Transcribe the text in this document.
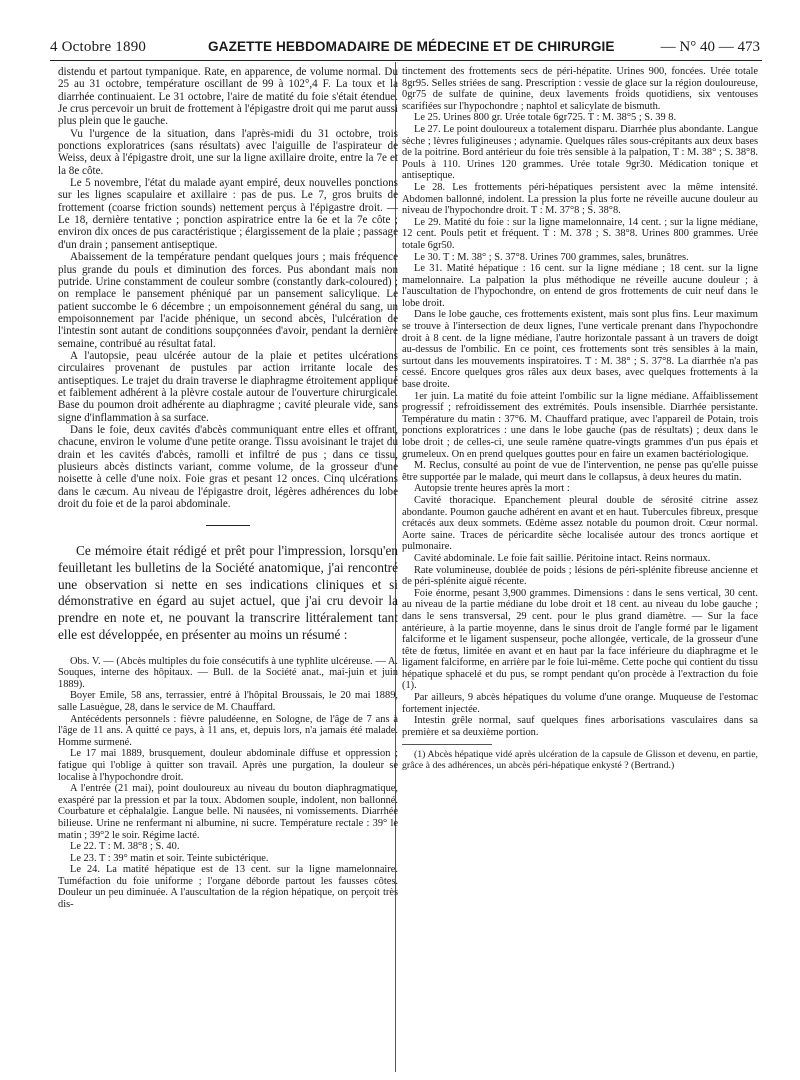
4 Octobre 1890	GAZETTE HEBDOMADAIRE DE MÉDECINE ET DE CHIRURGIE	— N° 40 — 473

distendu et partout tympanique. Rate, en apparence, de volume normal. Du 25 au 31 octobre, température oscillant de 99 à 102°,4 F. La toux et la diarrhée continuaient. Le 31 octobre, l'aire de matité du foie s'était étendue. Je crus percevoir un bruit de frottement à l'épigastre droit qui me parut aussi plus plein que le gauche.

Vu l'urgence de la situation, dans l'après-midi du 31 octobre, trois ponctions exploratrices (sans résultats) avec l'aiguille de l'aspirateur de Weiss, deux à l'épigastre droit, une sur la ligne axillaire droite, entre la 7e et la 8e côte.

Le 5 novembre, l'état du malade ayant empiré, deux nouvelles ponctions sur les lignes scapulaire et axillaire : pas de pus. Le 7, gros bruits de frottement (coarse friction sounds) nettement perçus à l'épigastre droit. — Le 18, dernière tentative ; ponction aspiratrice entre la 6e et la 7e côte ; environ dix onces de pus caractéristique ; élargissement de la plaie ; passage d'un drain ; pansement antiseptique.

Abaissement de la température pendant quelques jours ; mais fréquence plus grande du pouls et diminution des forces. Pus abondant mais non putride. Urine constamment de couleur sombre (constantly dark-coloured) ; on remplace le pansement phéniqué par un pansement salicylique. Le patient succombe le 6 décembre ; un empoisonnement général du sang, un empoisonnement par l'acide phénique, un second abcès, l'ulcération de l'intestin sont autant de conditions soupçonnées d'avoir, pendant la dernière semaine, contribué au résultat fatal.

A l'autopsie, peau ulcérée autour de la plaie et petites ulcérations circulaires provenant de pustules par action irritante locale des antiseptiques. Le trajet du drain traverse le diaphragme étroitement appliqué et faiblement adhérent à la plèvre costale autour de l'ouverture chirurgicale. Base du poumon droit adhérente au diaphragme ; cavité pleurale vide, sans signe d'inflammation à sa surface.

Dans le foie, deux cavités d'abcès communiquant entre elles et offrant, chacune, environ le volume d'une petite orange. Tissu avoisinant le trajet du drain et les cavités d'abcès, ramolli et infiltré de pus ; dans ce tissu, plusieurs abcès distincts variant, comme volume, de la grosseur d'une noisette à celle d'une noix. Foie gras et pesant 12 onces. Cinq ulcérations dans le cæcum. Au niveau de l'épigastre droit, légères adhérences du lobe droit du foie et de la paroi abdominale.

Ce mémoire était rédigé et prêt pour l'impression, lorsqu'en feuilletant les bulletins de la Société anatomique, j'ai rencontré une observation si nette en ses indications cliniques et si démonstrative en égard au sujet actuel, que j'ai cru devoir la prendre en note et, ne pouvant la transcrire littéralement tant elle est développée, en présenter au moins un résumé :

Obs. V. — (Abcès multiples du foie consécutifs à une typhlite ulcéreuse. — A. Souques, interne des hôpitaux. — Bull. de la Société anat., mai-juin et juin 1889).

Boyer Emile, 58 ans, terrassier, entré à l'hôpital Broussais, le 20 mai 1889, salle Lasuègue, 28, dans le service de M. Chauffard.

Antécédents personnels : fièvre paludéenne, en Sologne, de l'âge de 7 ans à l'âge de 11 ans. A quitté ce pays, à 11 ans, et, depuis lors, n'a jamais été malade. Homme surmené.

Le 17 mai 1889, brusquement, douleur abdominale diffuse et oppression ; fatigue qui l'oblige à quitter son travail. Après une purgation, la douleur se localise à l'hypochondre droit.

A l'entrée (21 mai), point douloureux au niveau du bouton diaphragmatique, exaspéré par la pression et par la toux. Abdomen souple, indolent, non ballonné. Courbature et céphalalgie. Langue belle. Ni nausées, ni vomissements. Diarrhée bilieuse. Urine ne renfermant ni albumine, ni sucre. Température rectale : 39° le matin ; 39°2 le soir. Régime lacté.

Le 22. T : M. 38°8 ; S. 40.

Le 23. T : 39° matin et soir. Teinte subictérique.

Le 24. La matité hépatique est de 13 cent. sur la ligne mamelonnaire. Tuméfaction du foie uniforme ; l'organe déborde partout les fausses côtes. Douleur un peu diminuée. A l'auscultation de la région hépatique, on perçoit très dis-

tinctement des frottements secs de péri-hépatite. Urines 900, foncées. Urée totale 8gr95. Selles striées de sang. Prescription : vessie de glace sur la région douloureuse, 0gr75 de sulfate de quinine, deux lavements froids quotidiens, six ventouses scarifiées sur l'hypochondre ; naphtol et salicylate de bismuth.

Le 25. Urines 800 gr. Urée totale 6gr725. T : M. 38°5 ; S. 39 8.

Le 27. Le point douloureux a totalement disparu. Diarrhée plus abondante. Langue sèche ; lèvres fuligineuses ; adynamie. Quelques râles sous-crépitants aux deux bases de la poitrine. Bord antérieur du foie très sensible à la palpation, T : M. 38° ; S. 38°8. Pouls à 110. Urines 120 grammes. Urée totale 9gr30. Médication tonique et antiseptique.

Le 28. Les frottements péri-hépatiques persistent avec la même intensité. Abdomen ballonné, indolent. La pression la plus forte ne réveille aucune douleur au niveau de l'hypochondre droit. T : M. 37°8 ; S. 38°8.

Le 29. Matité du foie : sur la ligne mamelonnaire, 14 cent. ; sur la ligne médiane, 12 cent. Pouls petit et fréquent. T : M. 378 ; S. 38°8. Urines 800 grammes. Urée totale 6gr50.

Le 30. T : M. 38° ; S. 37°8. Urines 700 grammes, sales, brunâtres.

Le 31. Matité hépatique : 16 cent. sur la ligne médiane ; 18 cent. sur la ligne mamelonnaire. La palpation la plus méthodique ne réveille aucune douleur ; à l'auscultation de l'hypochondre, on entend de gros frottements de cuir neuf dans le lobe droit.

Dans le lobe gauche, ces frottements existent, mais sont plus fins. Leur maximum se trouve à l'intersection de deux lignes, l'une verticale prenant dans l'hypochondre droit à 8 cent. de la ligne médiane, l'autre horizontale passant à un travers de doigt au-dessus de l'ombilic. En ce point, ces frottements sont très sensibles à la main, surtout dans les mouvements inspiratoires. T : M. 38° ; S. 37°8. La diarrhée n'a pas cessé. Encore quelques gros râles aux deux bases, avec quelques frottements à la base droite.

1er juin. La matité du foie atteint l'ombilic sur la ligne médiane. Affaiblissement progressif ; refroidissement des extrémités. Pouls insensible. Diarrhée persistante. Température du matin : 37°6. M. Chauffard pratique, avec l'appareil de Potain, trois ponctions exploratrices : une dans le lobe gauche (pas de résultats) ; deux dans le lobe droit ; de celles-ci, une seule ramène quatre-vingts grammes d'un pus épais et grumeleux. On en prend quelques gouttes pour en faire un examen bactériologique.

M. Reclus, consulté au point de vue de l'intervention, ne pense pas qu'elle puisse être supportée par le malade, qui meurt dans le collapsus, à deux heures du matin.

Autopsie trente heures après la mort :

Cavité thoracique. Epanchement pleural double de sérosité citrine assez abondante. Poumon gauche adhérent en avant et en haut. Tubercules fibreux, presque crétacés aux deux sommets. Œdème assez notable du poumon droit. Cœur normal. Aorte saine. Traces de péricardite sèche localisée autour des troncs aortique et pulmonaire.

Cavité abdominale. Le foie fait saillie. Péritoine intact. Reins normaux.

Rate volumineuse, doublée de poids ; lésions de péri-splénite fibreuse ancienne et de péri-splénite aiguë récente.

Foie énorme, pesant 3,900 grammes. Dimensions : dans le sens vertical, 30 cent. au niveau de la partie médiane du lobe droit et 18 cent. au niveau du lobe gauche ; dans le sens transversal, 29 cent. pour le plus grand diamètre. — Sur la face antérieure, à la partie moyenne, dans le sinus droit de l'angle formé par le ligament falciforme et le ligament suspenseur, poche allongée, verticale, de la grosseur d'une tête de fœtus, limitée en avant et en haut par la face inférieure du diaphragme et le ligament falciforme, en arrière par le foie lui-même. Cette poche qui contient du tissu hépatique sphacelé et du pus, se rompt pendant qu'on procède à l'extraction du foie (1).

Par ailleurs, 9 abcès hépatiques du volume d'une orange. Muqueuse de l'estomac fortement injectée.

Intestin grêle normal, sauf quelques fines arborisations vasculaires dans sa première et sa deuxième portion.

(1) Abcès hépatique vidé après ulcération de la capsule de Glisson et devenu, en partie, grâce à des adhérences, un abcès péri-hépatique enkysté ? (Bertrand.)
